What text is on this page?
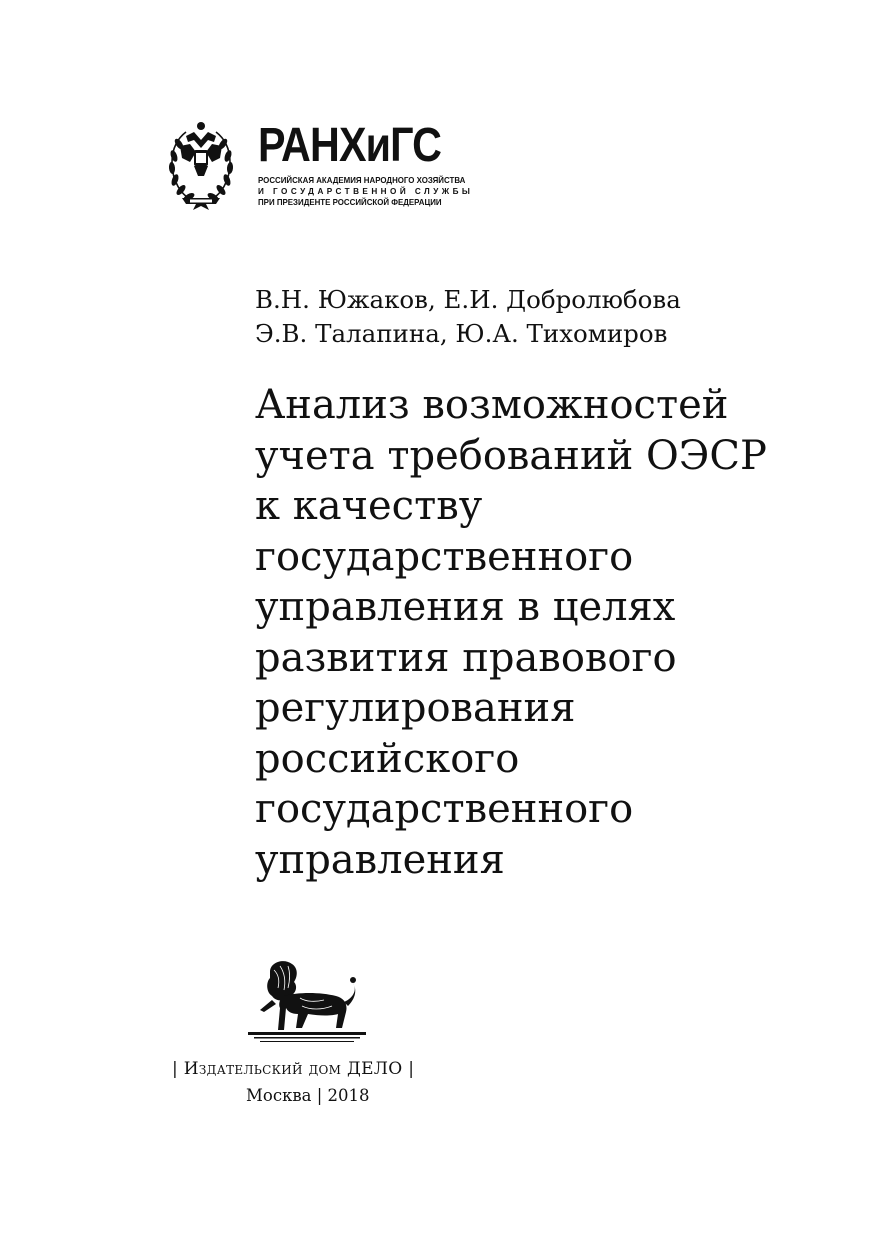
РАНХиГС
РОССИЙСКАЯ АКАДЕМИЯ НАРОДНОГО ХОЗЯЙСТВА
И ГОСУДАРСТВЕННОЙ СЛУЖБЫ
ПРИ ПРЕЗИДЕНТЕ РОССИЙСКОЙ ФЕДЕРАЦИИ
В.Н. Южаков, Е.И. Добролюбова
Э.В. Талапина, Ю.А. Тихомиров
Анализ возможностей
учета требований ОЭСР
к качеству
государственного
управления в целях
развития правового
регулирования
российского
государственного
управления
| Издательский дом ДЕЛО |
Москва | 2018
